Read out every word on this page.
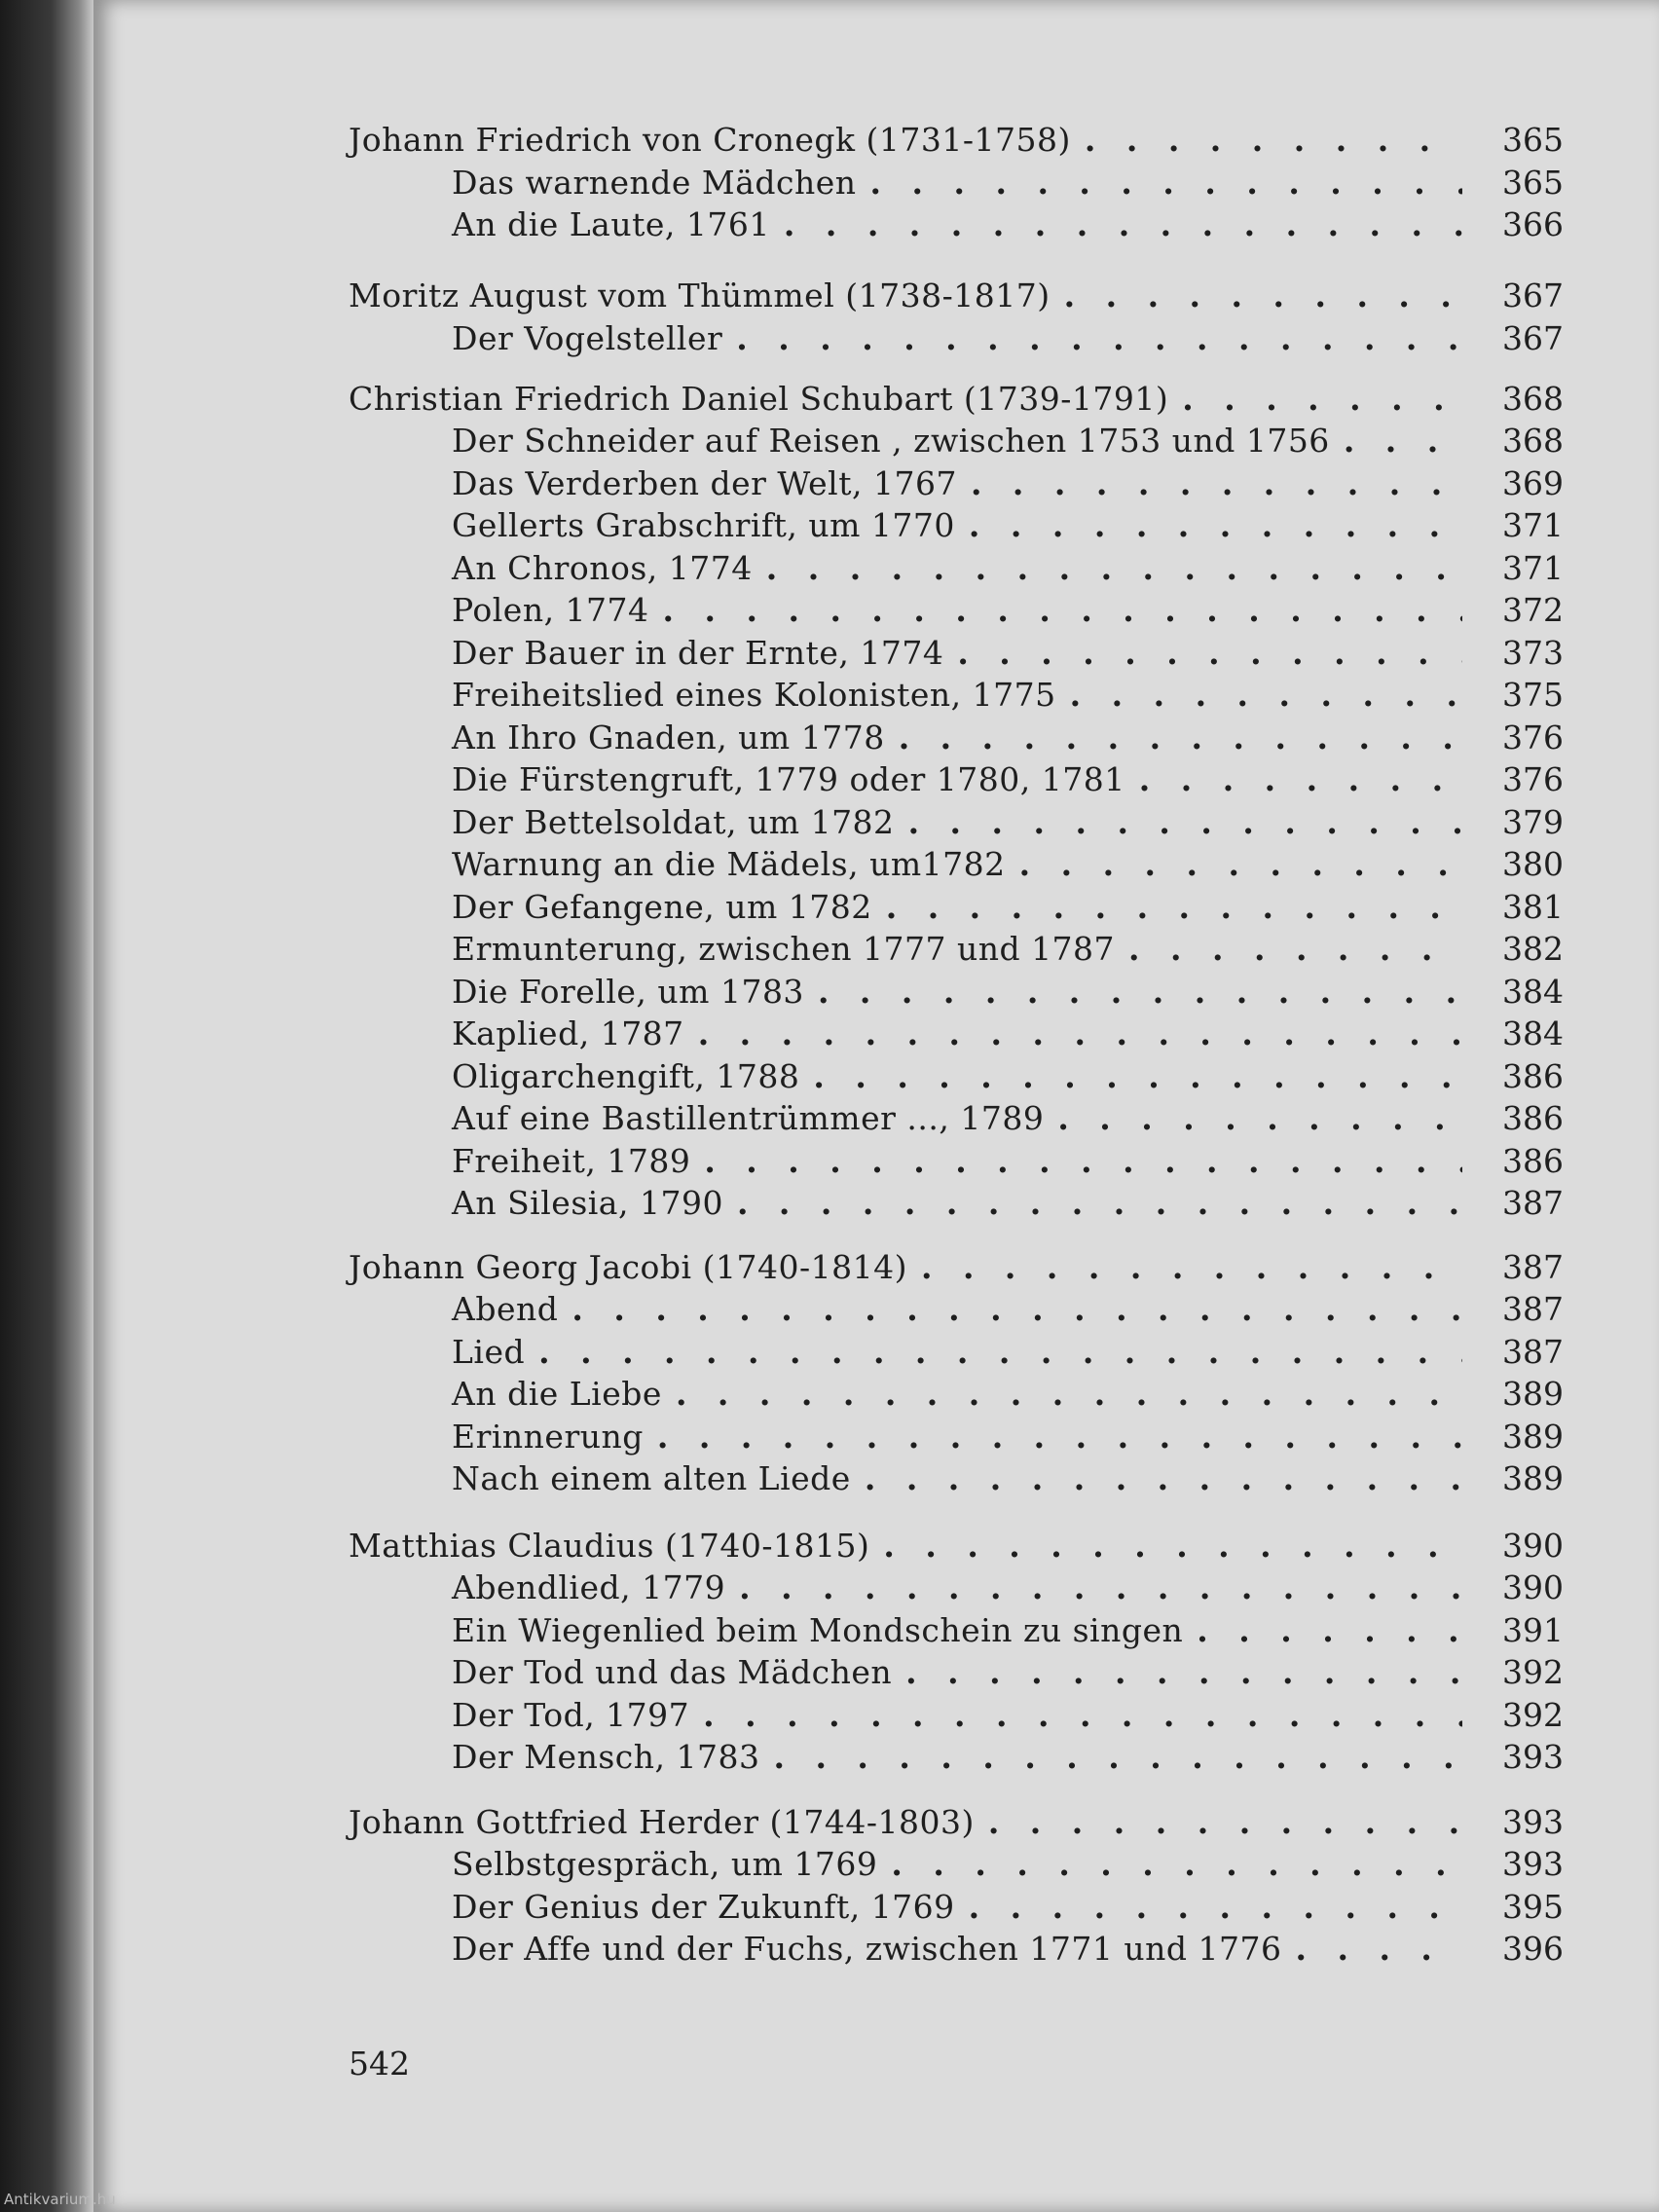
Johann Friedrich von Cronegk (1731-1758) . . .	365
Das warnende Mädchen . . .	365
An die Laute, 1761 . . .	366
Moritz August vom Thümmel (1738-1817) . . .	367
Der Vogelsteller . . .	367
Christian Friedrich Daniel Schubart (1739-1791) . . .	368
Der Schneider auf Reisen , zwischen 1753 und 1756 . . .	368
Das Verderben der Welt, 1767 . . .	369
Gellerts Grabschrift, um 1770 . . .	371
An Chronos, 1774 . . .	371
Polen, 1774 . . .	372
Der Bauer in der Ernte, 1774 . . .	373
Freiheitslied eines Kolonisten, 1775 . . .	375
An Ihro Gnaden, um 1778 . . .	376
Die Fürstengruft, 1779 oder 1780, 1781 . . .	376
Der Bettelsoldat, um 1782 . . .	379
Warnung an die Mädels, um1782 . . .	380
Der Gefangene, um 1782 . . .	381
Ermunterung, zwischen 1777 und 1787 . . .	382
Die Forelle, um 1783 . . .	384
Kaplied, 1787 . . .	384
Oligarchengift, 1788 . . .	386
Auf eine Bastillentrümmer ..., 1789 . . .	386
Freiheit, 1789 . . .	386
An Silesia, 1790 . . .	387
Johann Georg Jacobi (1740-1814) . . .	387
Abend . . .	387
Lied . . .	387
An die Liebe . . .	389
Erinnerung . . .	389
Nach einem alten Liede . . .	389
Matthias Claudius (1740-1815) . . .	390
Abendlied, 1779 . . .	390
Ein Wiegenlied beim Mondschein zu singen . . .	391
Der Tod und das Mädchen . . .	392
Der Tod, 1797 . . .	392
Der Mensch, 1783 . . .	393
Johann Gottfried Herder (1744-1803) . . .	393
Selbstgespräch, um 1769 . . .	393
Der Genius der Zukunft, 1769 . . .	395
Der Affe und der Fuchs, zwischen 1771 und 1776 . . .	396
542
Antikvarium.hu
